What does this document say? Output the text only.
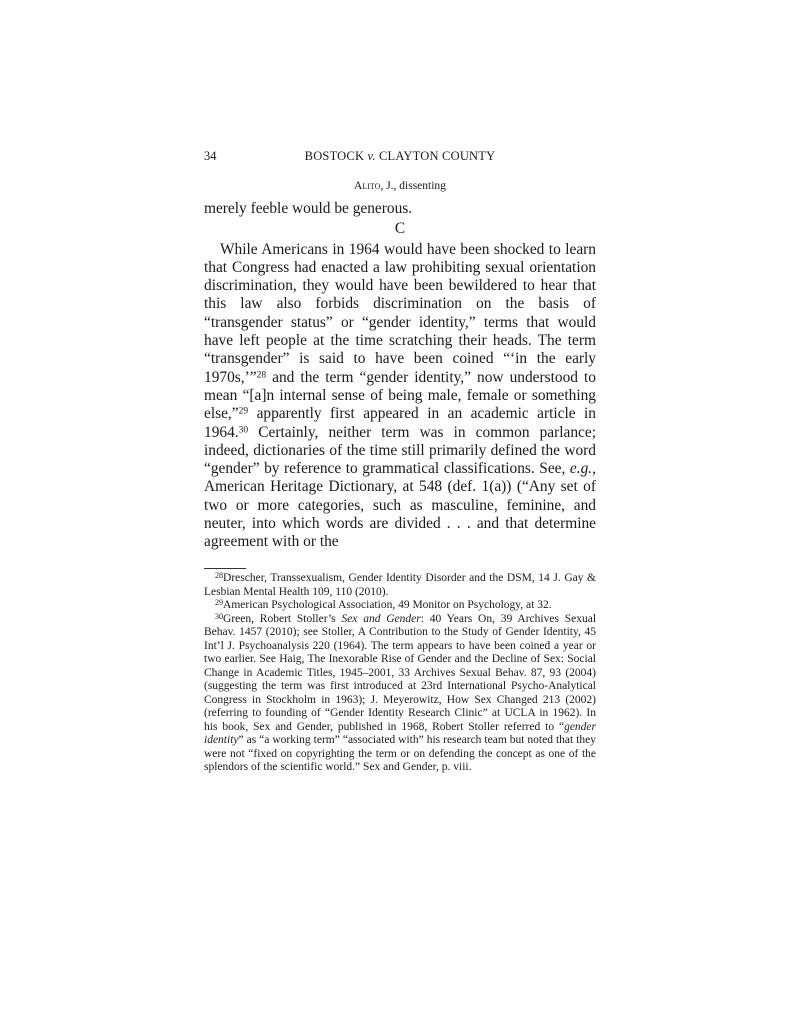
34	BOSTOCK v. CLAYTON COUNTY
Alito, J., dissenting

merely feeble would be generous.

C

While Americans in 1964 would have been shocked to learn that Congress had enacted a law prohibiting sexual orientation discrimination, they would have been bewildered to hear that this law also forbids discrimination on the basis of “transgender status” or “gender identity,” terms that would have left people at the time scratching their heads. The term “transgender” is said to have been coined “‘in the early 1970s,’”$^{28}$ and the term “gender identity,” now understood to mean “[a]n internal sense of being male, female or something else,”$^{29}$ apparently first appeared in an academic article in 1964.30 Certainly, neither term was in common parlance; indeed, dictionaries of the time still primarily defined the word “gender” by reference to grammatical classifications. See, e.g., American Heritage Dictionary, at 548 (def. 1(a)) (“Any set of two or more categories, such as masculine, feminine, and neuter, into which words are divided . . . and that determine agreement with or the

$^{28}$Drescher, Transsexualism, Gender Identity Disorder and the DSM, 14 J. Gay & Lesbian Mental Health 109, 110 (2010).

$^{29}$American Psychological Association, 49 Monitor on Psychology, at 32.

$^{30}$Green, Robert Stoller’s Sex and Gender: 40 Years On, 39 Archives Sexual Behav. 1457 (2010); see Stoller, A Contribution to the Study of Gender Identity, 45 Int’l J. Psychoanalysis 220 (1964). The term appears to have been coined a year or two earlier. See Haig, The Inexorable Rise of Gender and the Decline of Sex: Social Change in Academic Titles, 1945–2001, 33 Archives Sexual Behav. 87, 93 (2004) (suggesting the term was first introduced at 23rd International Psycho-Analytical Congress in Stockholm in 1963); J. Meyerowitz, How Sex Changed 213 (2002) (referring to founding of “Gender Identity Research Clinic” at UCLA in 1962). In his book, Sex and Gender, published in 1968, Robert Stoller referred to “gender identity” as “a working term” “associated with” his research team but noted that they were not “fixed on copyrighting the term or on defending the concept as one of the splendors of the scientific world.” Sex and Gender, p. viii.
